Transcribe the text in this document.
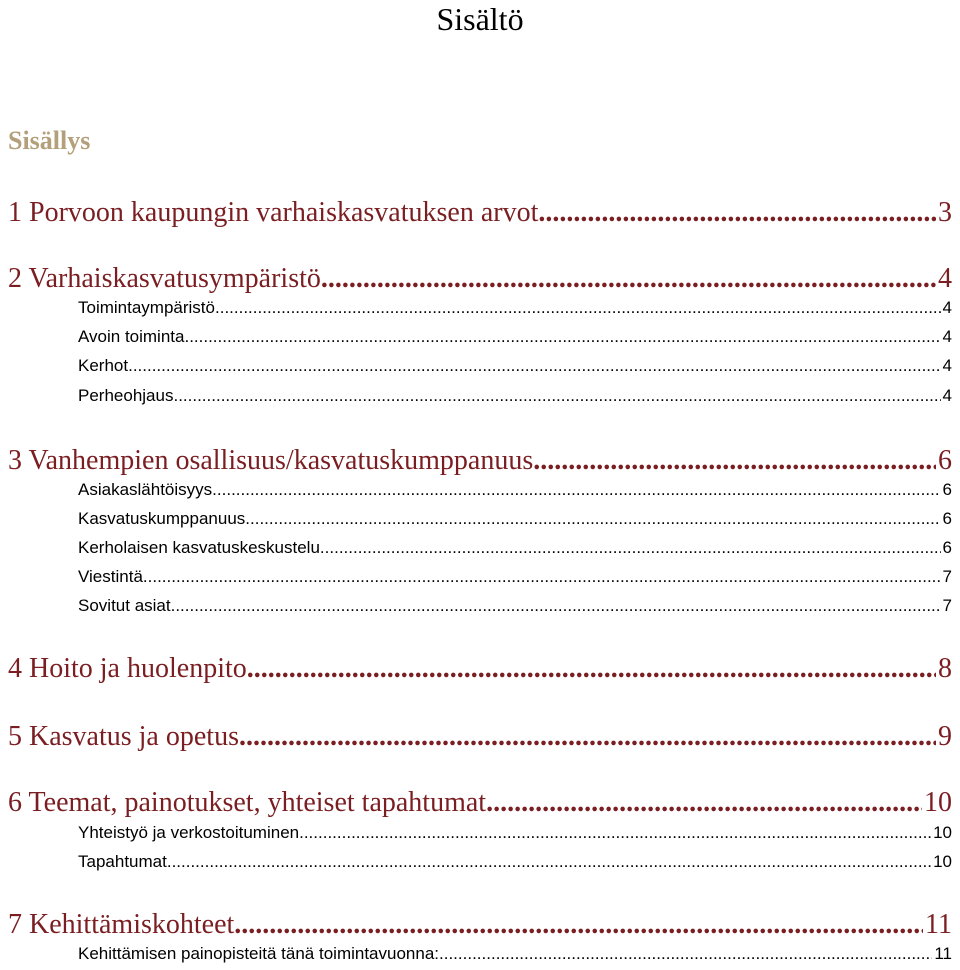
Sisältö
Sisällys
1 Porvoon kaupungin varhaiskasvatuksen arvot .....	3
2 Varhaiskasvatusympäristö .....	4
Toimintaympäristö .....	4
Avoin toiminta .....	4
Kerhot .....	4
Perheohjaus .....	4
3 Vanhempien osallisuus/kasvatuskumppanuus .....	6
Asiakaslähtöisyys .....	6
Kasvatuskumppanuus .....	6
Kerholaisen kasvatuskeskustelu .....	6
Viestintä .....	7
Sovitut asiat .....	7
4 Hoito ja huolenpito .....	8
5 Kasvatus ja opetus .....	9
6 Teemat, painotukset, yhteiset tapahtumat .....	10
Yhteistyö ja verkostoituminen .....	10
Tapahtumat .....	10
7 Kehittämiskohteet .....	11
Kehittämisen painopisteitä tänä toimintavuonna: .....	11
